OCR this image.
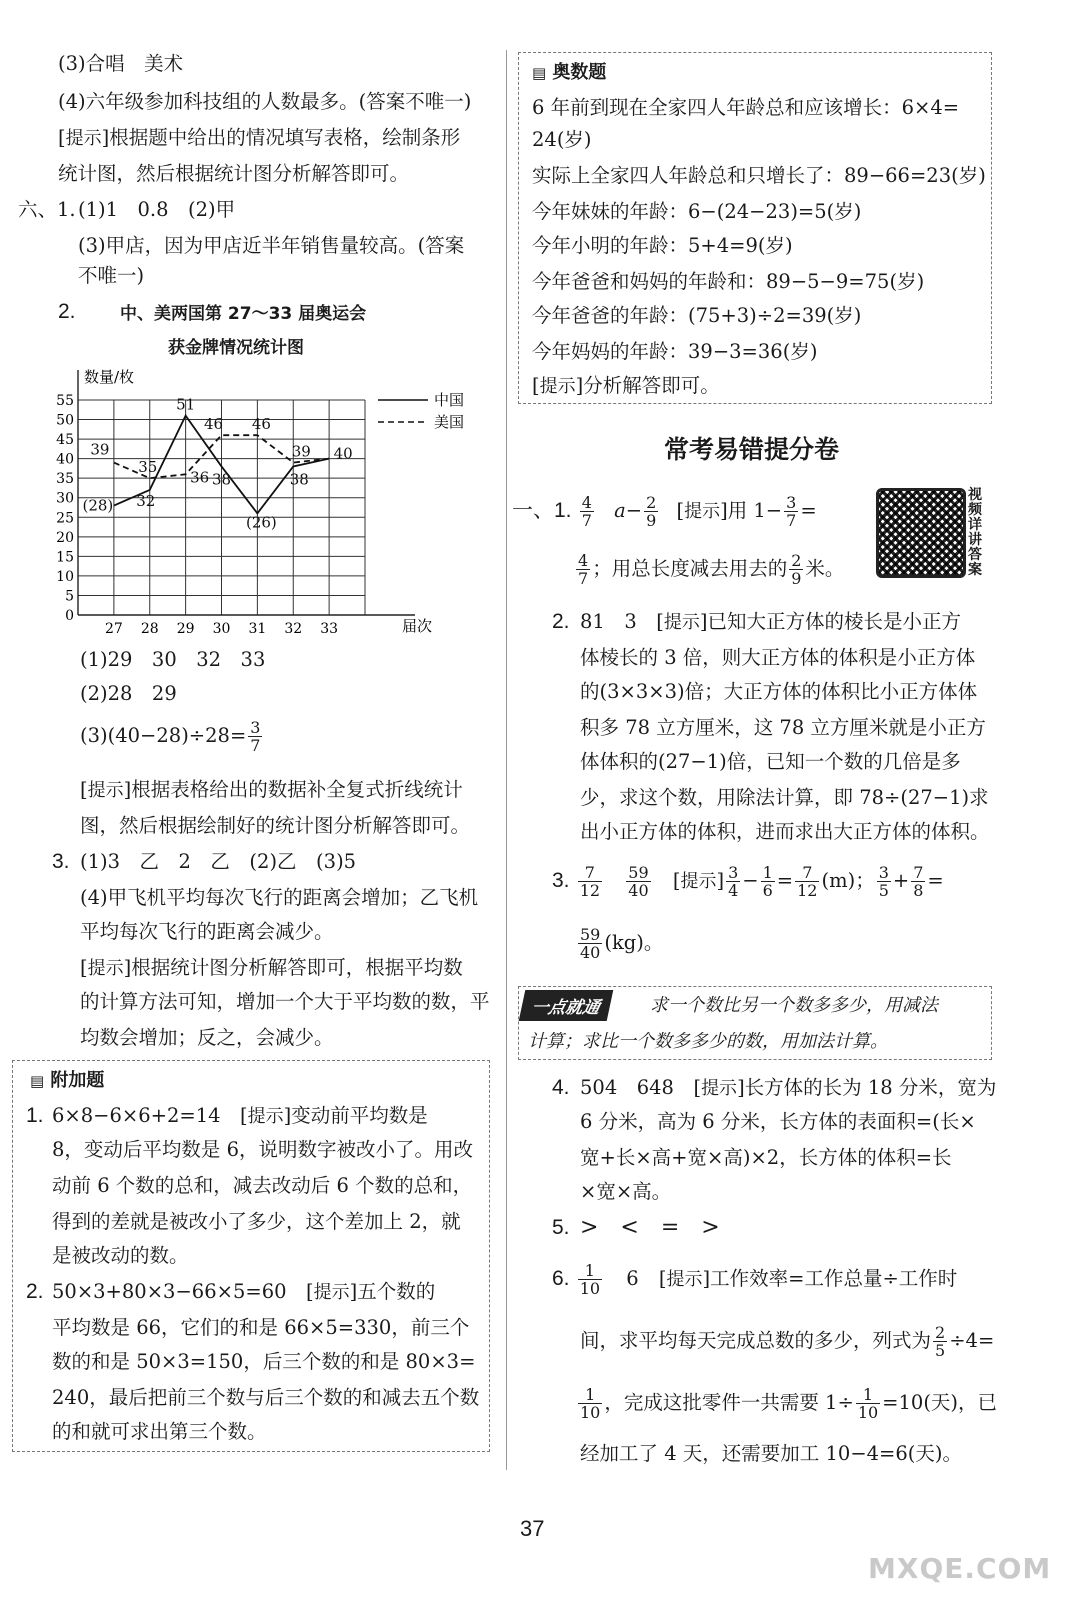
(3)合唱　美术
(4)六年级参加科技组的人数最多。(答案不唯一)
[提示]根据题中给出的情况填写表格，绘制条形
统计图，然后根据统计图分析解答即可。
六、1. (1)1　0.8　(2)甲
(3)甲店，因为甲店近半年销售量较高。(答案
不唯一)
2.	中、美两国第 27～33 届奥运会
获金牌情况统计图
数量/枚
届次
0
5
10
15
20
25
30
35
40
45
50
55
27 28 29 30 31 32 33
(28) 32
51
38
(26)
38
40
39
35
36
46 46
39
中国
美国
(1)29　30　32　33
(2)28　29
$(3)(40-28)\div 28= \frac{3}{7}$
[提示]根据表格给出的数据补全复式折线统计
图，然后根据绘制好的统计图分析解答即可。
3. (1)3　乙　2　乙　(2)乙　(3)5
(4)甲飞机平均每次飞行的距离会增加；乙飞机
平均每次飞行的距离会减少。
[提示]根据统计图分析解答即可，根据平均数
的计算方法可知，增加一个大于平均数的数，平
均数会增加；反之，会减少。
▤ 附加题
1. 6×8−6×6+2=14　[提示]变动前平均数是
8，变动后平均数是 6，说明数字被改小了。用改
动前 6 个数的总和，减去改动后 6 个数的总和，
得到的差就是被改小了多少，这个差加上 2，就
是被改动的数。
2. 50×3+80×3−66×5=60　[提示]五个数的
平均数是 66，它们的和是 66×5=330，前三个
数的和是 50×3=150，后三个数的和是 80×3=
240，最后把前三个数与后三个数的和减去五个数
的和就可求出第三个数。
▤ 奥数题
6 年前到现在全家四人年龄总和应该增长：6×4=
24(岁)
实际上全家四人年龄总和只增长了：89−66=23(岁)
今年妹妹的年龄：6−(24−23)=5(岁)
今年小明的年龄：5+4=9(岁)
今年爸爸和妈妈的年龄和：89−5−9=75(岁)
今年爸爸的年龄：(75+3)÷2=39(岁)
今年妈妈的年龄：39−3=36(岁)
[提示]分析解答即可。
常考易错提分卷
视频详讲答案
一、1. $\frac{4}{7} a- \frac{2}{9}$ [提示]用 $1- \frac{3}{7}$ =
$\frac{4}{7}$ ；用总长度减去用去的 $\frac{2}{9}$ 米。
2. 81　3　[提示]已知大正方体的棱长是小正方
体棱长的 3 倍，则大正方体的体积是小正方体
的(3×3×3)倍；大正方体的体积比小正方体体
积多 78 立方厘米，这 78 立方厘米就是小正方
体体积的(27−1)倍，已知一个数的几倍是多
少，求这个数，用除法计算，即 78÷(27−1)求
出小正方体的体积，进而求出大正方体的体积。
3. $\frac{7}{12}$
$\frac{59}{40}$ [提示] $\frac{3}{4} - \frac{1}{6} = \frac{7}{12} (m)$； $\frac{3}{5} + \frac{7}{8}$ =
$\frac{59}{40} (kg)$。
一点就通	求一个数比另一个数多多少，用减法
计算；求比一个数多多少的数，用加法计算。
4. 504　648　[提示]长方体的长为 18 分米，宽为
6 分米，高为 6 分米，长方体的表面积=(长×
宽+长×高+宽×高)×2，长方体的体积=长
×宽×高。
5. >　<　=　>
6. $\frac{1}{10} 6$ [提示]工作效率=工作总量÷工作时
间，求平均每天完成总数的多少，列式为 $\frac{2}{5} \div 4=$
$\frac{1}{10}$ ，完成这批零件一共需要 $1\div \frac{1}{10} =10$(天)，已
经加工了 4 天，还需要加工 10−4=6(天)。
37
MXQE.COM
